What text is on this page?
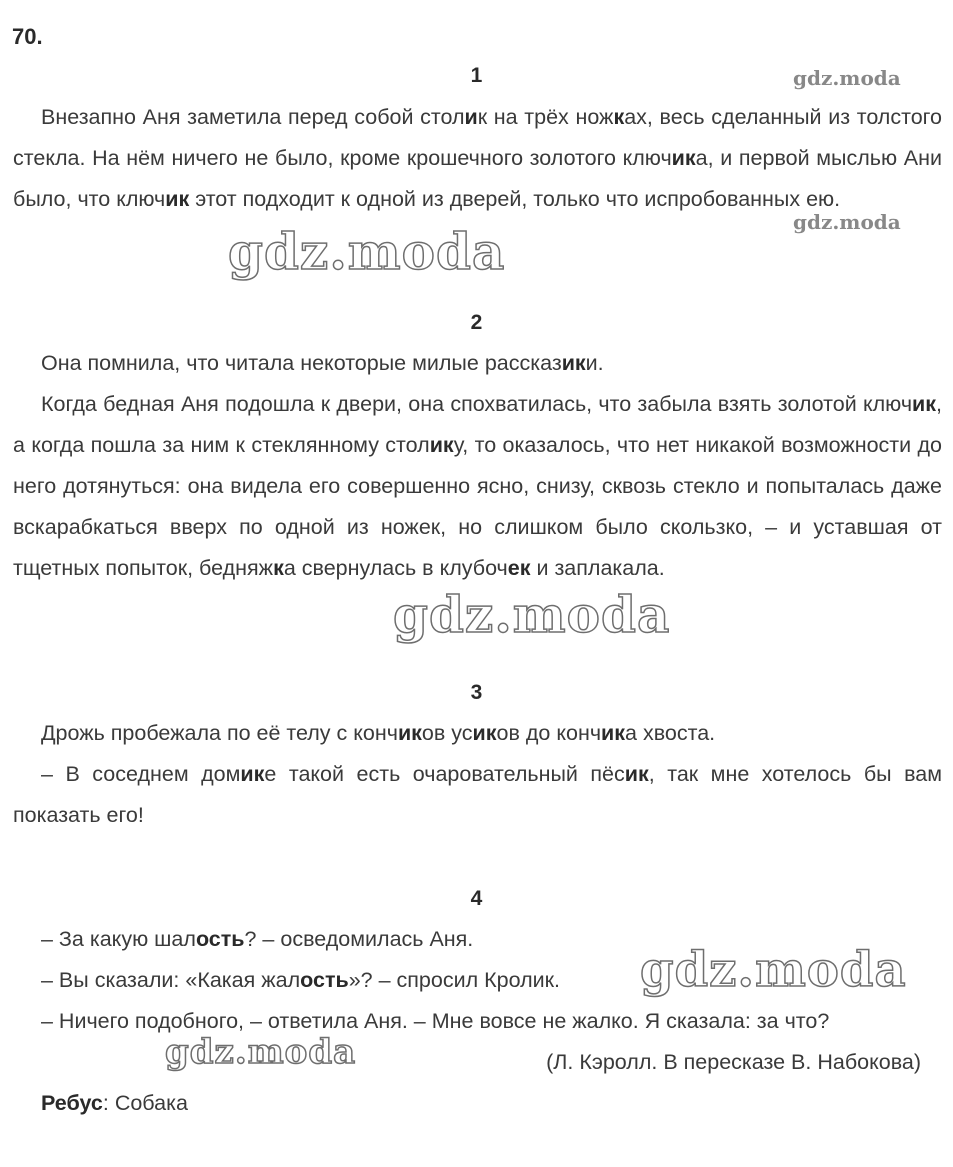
70.
1
Внезапно Аня заметила перед собой столик на трёх ножках, весь сделанный из толстого стекла. На нём ничего не было, кроме крошечного золотого ключика, и первой мыслью Ани было, что ключик этот подходит к одной из дверей, только что испробованных ею.
2
Она помнила, что читала некоторые милые рассказики.
Когда бедная Аня подошла к двери, она спохватилась, что забыла взять золотой ключик, а когда пошла за ним к стеклянному столику, то оказалось, что нет никакой возможности до него дотянуться: она видела его совершенно ясно, снизу, сквозь стекло и попыталась даже вскарабкаться вверх по одной из ножек, но слишком было скользко, – и уставшая от тщетных попыток, бедняжка свернулась в клубочек и заплакала.
3
Дрожь пробежала по её телу с кончиков усиков до кончика хвоста.
– В соседнем домике такой есть очаровательный пёсик, так мне хотелось бы вам показать его!
4
– За какую шалость? – осведомилась Аня.
– Вы сказали: «Какая жалость»? – спросил Кролик.
– Ничего подобного, – ответила Аня. – Мне вовсе не жалко. Я сказала: за что?
(Л. Кэролл. В пересказе В. Набокова)
Ребус: Собака
gdz.moda
gdz.moda
gdz.moda
gdz.moda
gdz.moda
gdz.moda
